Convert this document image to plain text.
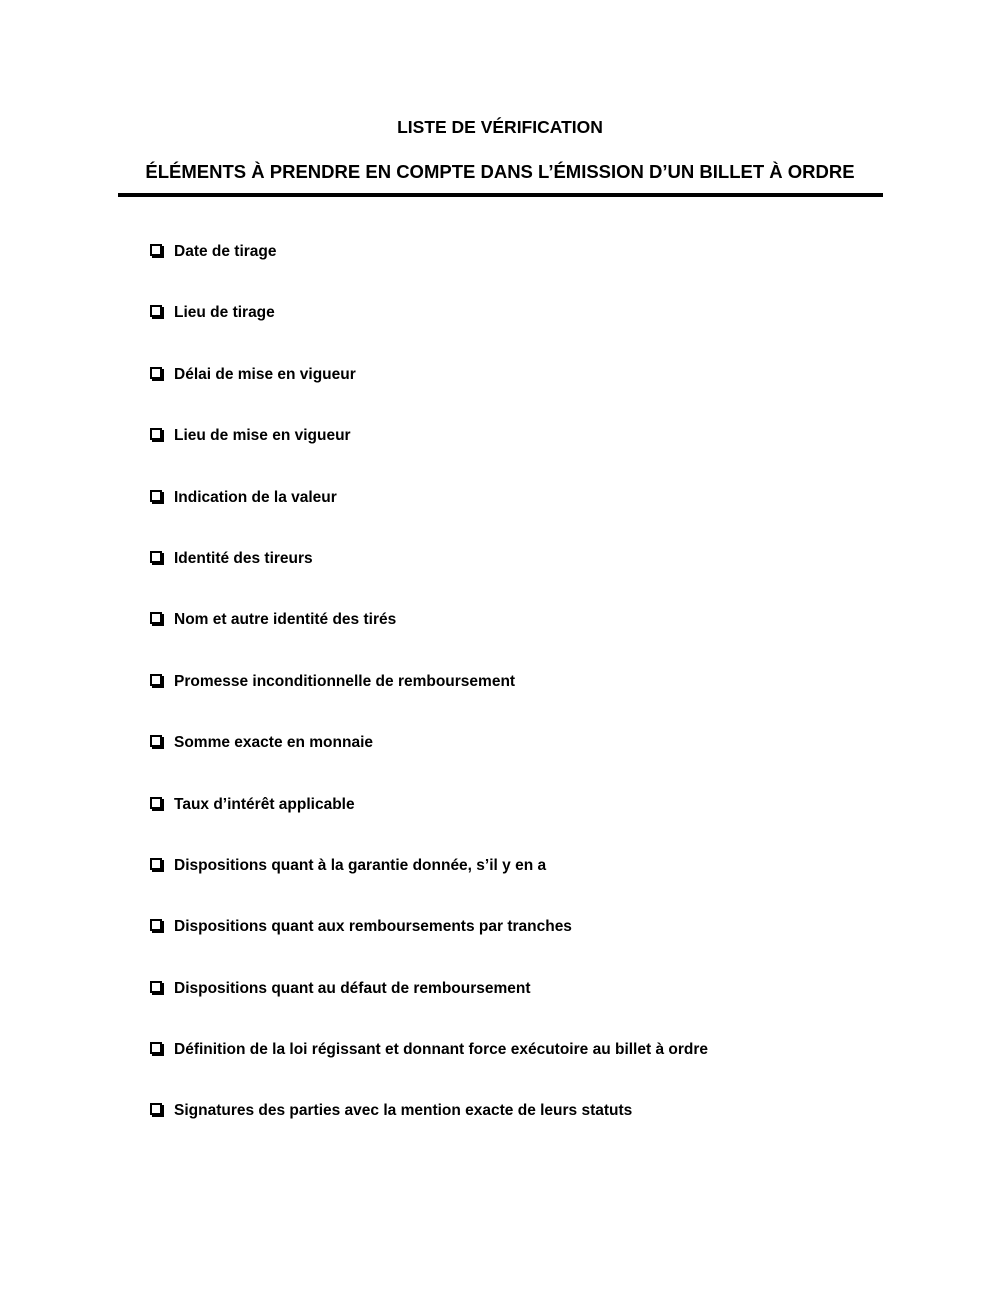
LISTE DE VÉRIFICATION
ÉLÉMENTS À PRENDRE EN COMPTE DANS L’ÉMISSION D’UN BILLET À ORDRE
Date de tirage
Lieu de tirage
Délai de mise en vigueur
Lieu de mise en vigueur
Indication de la valeur
Identité des tireurs
Nom et autre identité des tirés
Promesse inconditionnelle de remboursement
Somme exacte en monnaie
Taux d’intérêt applicable
Dispositions quant à la garantie donnée, s’il y en a
Dispositions quant aux remboursements par tranches
Dispositions quant au défaut de remboursement
Définition de la loi régissant et donnant force exécutoire au billet à ordre
Signatures des parties avec la mention exacte de leurs statuts
